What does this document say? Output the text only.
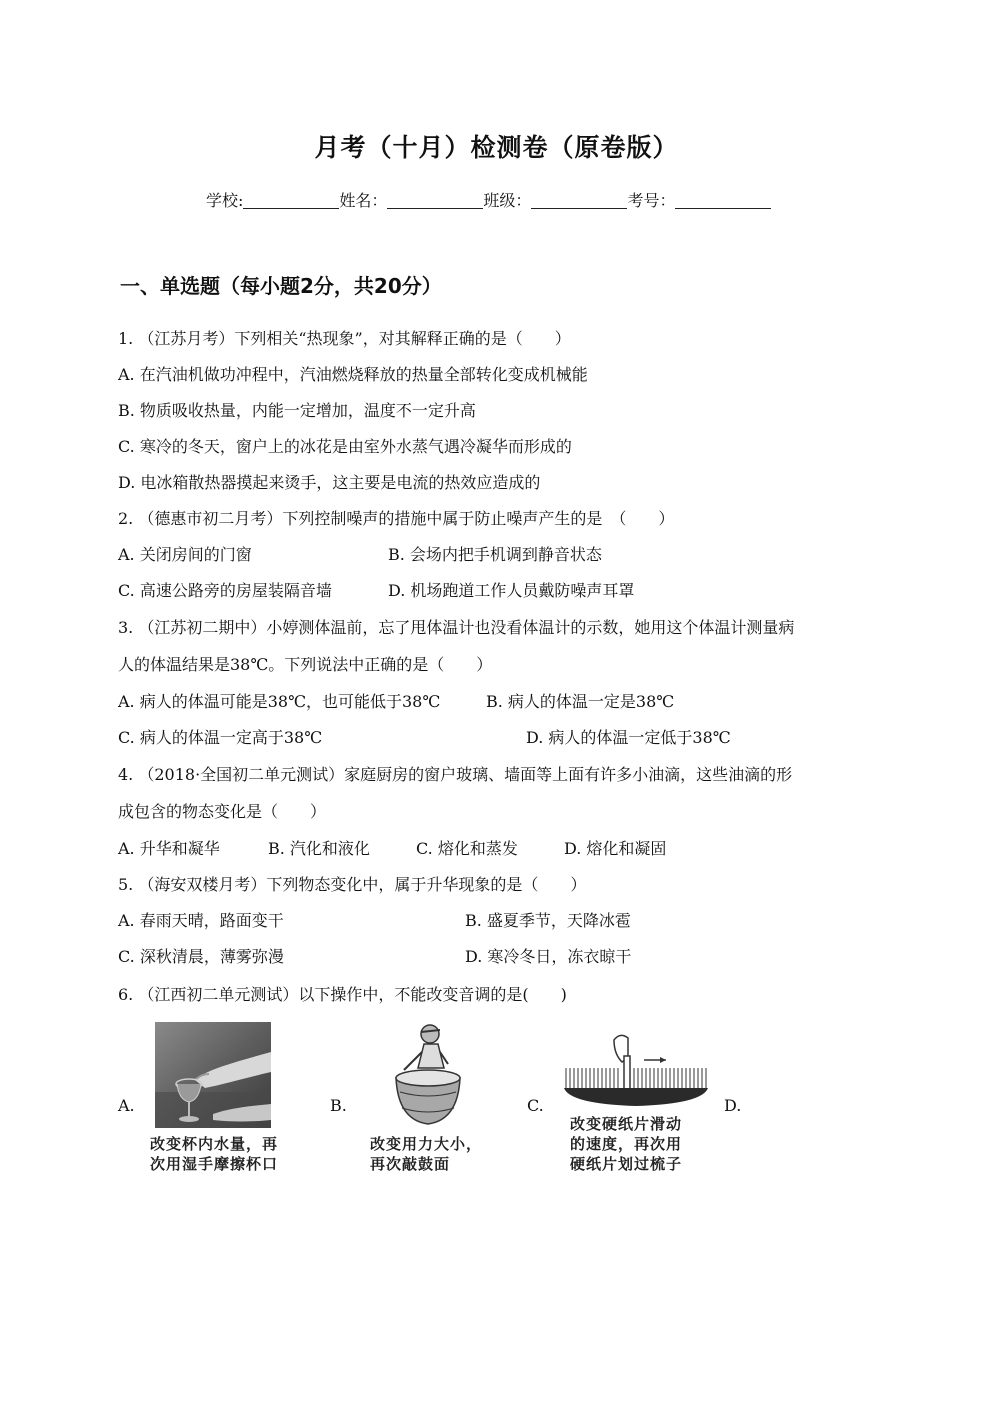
月考（十月）检测卷（原卷版）
学校:	姓名：	班级：	考号：
一、单选题（每小题2分，共20分）
1. （江苏月考）下列相关“热现象”，对其解释正确的是（　　）
A. 在汽油机做功冲程中，汽油燃烧释放的热量全部转化变成机械能
B. 物质吸收热量，内能一定增加，温度不一定升高
C. 寒冷的冬天，窗户上的冰花是由室外水蒸气遇冷凝华而形成的
D. 电冰箱散热器摸起来烫手，这主要是电流的热效应造成的
2. （德惠市初二月考）下列控制噪声的措施中属于防止噪声产生的是　（　　）
A. 关闭房间的门窗	B. 会场内把手机调到静音状态
C. 高速公路旁的房屋装隔音墙	D. 机场跑道工作人员戴防噪声耳罩
3. （江苏初二期中）小婷测体温前，忘了甩体温计也没看体温计的示数，她用这个体温计测量病
人的体温结果是38℃。下列说法中正确的是（　　）
A. 病人的体温可能是38℃，也可能低于38℃	B. 病人的体温一定是38℃
C. 病人的体温一定高于38℃	D. 病人的体温一定低于38℃
4. （2018·全国初二单元测试）家庭厨房的窗户玻璃、墙面等上面有许多小油滴，这些油滴的形
成包含的物态变化是（　　）
A. 升华和凝华	B. 汽化和液化	C. 熔化和蒸发	D. 熔化和凝固
5. （海安双楼月考）下列物态变化中，属于升华现象的是（　　）
A. 春雨天晴，路面变干	B. 盛夏季节，天降冰雹
C. 深秋清晨，薄雾弥漫	D. 寒冷冬日，冻衣晾干
6. （江西初二单元测试）以下操作中，不能改变音调的是(　　)
A.	B.	C.	D.
改变杯内水量，再
次用湿手摩擦杯口
改变用力大小，
再次敲鼓面
改变硬纸片滑动
的速度，再次用
硬纸片划过梳子
